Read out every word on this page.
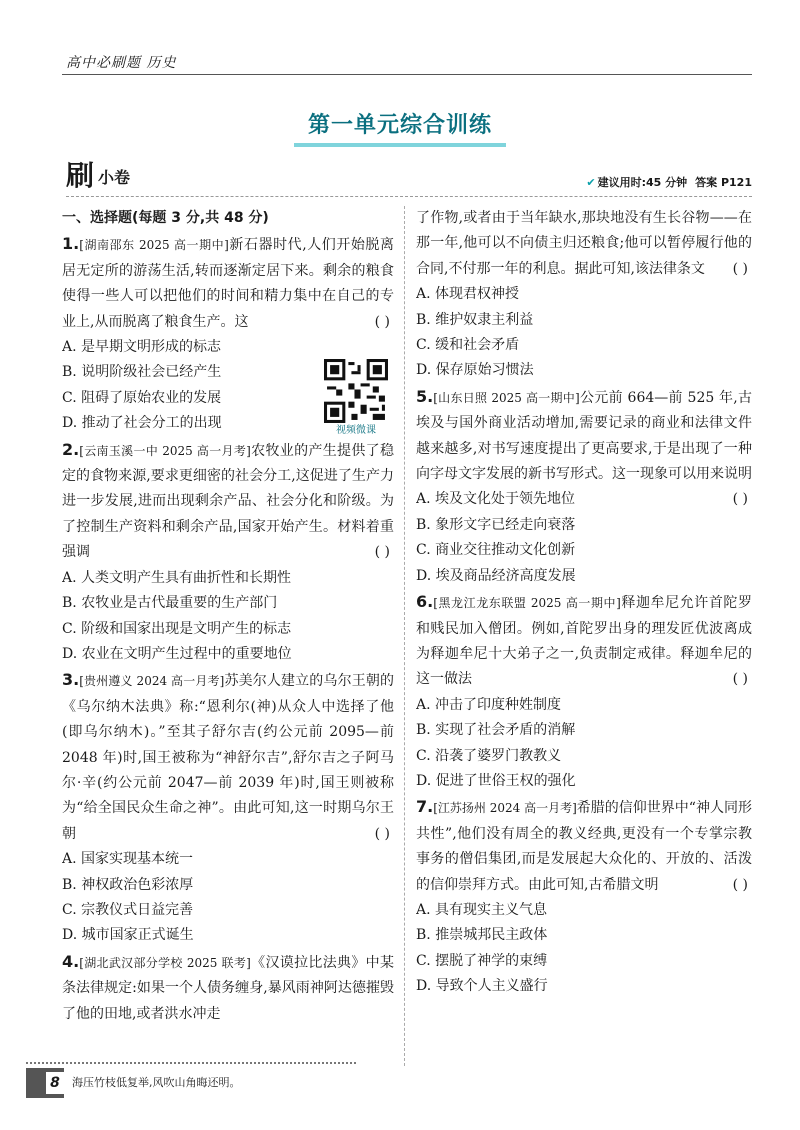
高中必刷题 历史
第一单元综合训练
刷 小卷	✔ 建议用时:45 分钟 答案 P121
一、选择题(每题 3 分,共 48 分)
1.[湖南邵东 2025 高一期中]新石器时代,人们开始脱离居无定所的游荡生活,转而逐渐定居下来。剩余的粮食使得一些人可以把他们的时间和精力集中在自己的专业上,从而脱离了粮食生产。这	( )
A. 是早期文明形成的标志
B. 说明阶级社会已经产生
C. 阻碍了原始农业的发展
D. 推动了社会分工的出现	视频微课
2.[云南玉溪一中 2025 高一月考]农牧业的产生提供了稳定的食物来源,要求更细密的社会分工,这促进了生产力进一步发展,进而出现剩余产品、社会分化和阶级。为了控制生产资料和剩余产品,国家开始产生。材料着重强调	( )
A. 人类文明产生具有曲折性和长期性
B. 农牧业是古代最重要的生产部门
C. 阶级和国家出现是文明产生的标志
D. 农业在文明产生过程中的重要地位
3.[贵州遵义 2024 高一月考]苏美尔人建立的乌尔王朝的《乌尔纳木法典》称:“恩利尔(神)从众人中选择了他(即乌尔纳木)。”至其子舒尔吉(约公元前 2095—前 2048 年)时,国王被称为“神舒尔吉”,舒尔吉之子阿马尔·辛(约公元前 2047—前 2039 年)时,国王则被称为“给全国民众生命之神”。由此可知,这一时期乌尔王朝	( )
A. 国家实现基本统一
B. 神权政治色彩浓厚
C. 宗教仪式日益完善
D. 城市国家正式诞生
4.[湖北武汉部分学校 2025 联考]《汉谟拉比法典》中某条法律规定:如果一个人债务缠身,暴风雨神阿达德摧毁了他的田地,或者洪水冲走
了作物,或者由于当年缺水,那块地没有生长谷物——在那一年,他可以不向债主归还粮食;他可以暂停履行他的合同,不付那一年的利息。据此可知,该法律条文 ( )
A. 体现君权神授
B. 维护奴隶主利益
C. 缓和社会矛盾
D. 保存原始习惯法
5.[山东日照 2025 高一期中]公元前 664—前 525 年,古埃及与国外商业活动增加,需要记录的商业和法律文件越来越多,对书写速度提出了更高要求,于是出现了一种向字母文字发展的新书写形式。这一现象可以用来说明
( )
A. 埃及文化处于领先地位
B. 象形文字已经走向衰落
C. 商业交往推动文化创新
D. 埃及商品经济高度发展
6.[黑龙江龙东联盟 2025 高一期中]释迦牟尼允许首陀罗和贱民加入僧团。例如,首陀罗出身的理发匠优波离成为释迦牟尼十大弟子之一,负责制定戒律。释迦牟尼的这一做法	( )
A. 冲击了印度种姓制度
B. 实现了社会矛盾的消解
C. 沿袭了婆罗门教教义
D. 促进了世俗王权的强化
7.[江苏扬州 2024 高一月考]希腊的信仰世界中“神人同形共性”,他们没有周全的教义经典,更没有一个专掌宗教事务的僧侣集团,而是发展起大众化的、开放的、活泼的信仰崇拜方式。由此可知,古希腊文明	( )
A. 具有现实主义气息
B. 推崇城邦民主政体
C. 摆脱了神学的束缚
D. 导致个人主义盛行
8	海压竹枝低复举,风吹山角晦还明。
